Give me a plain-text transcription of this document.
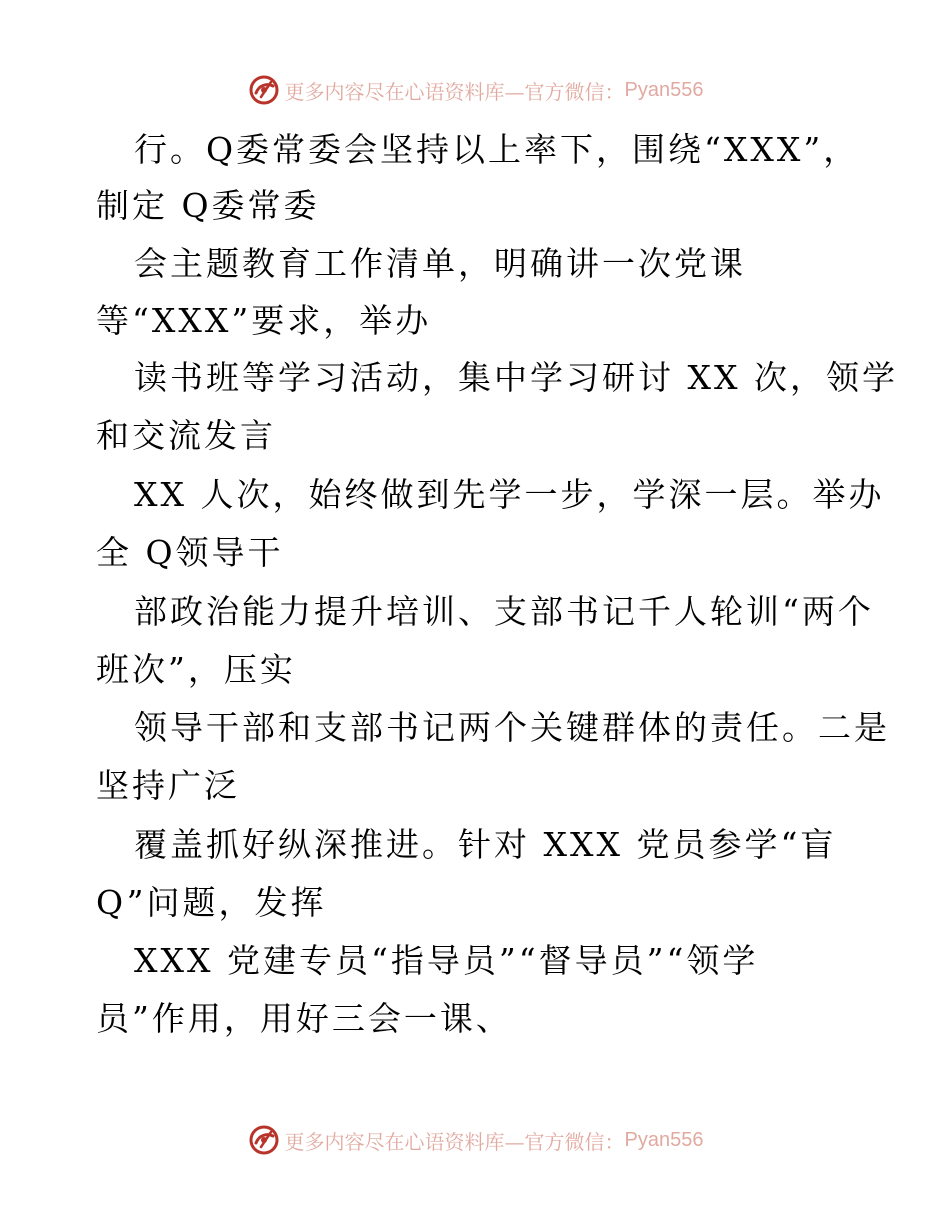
更多内容尽在心语资料库—官方微信： Pyan556
行。Q委常委会坚持以上率下，围绕“XXX”，
制定 Q委常委
会主题教育工作清单，明确讲一次党课
等“XXX”要求，举办
读书班等学习活动，集中学习研讨 XX 次，领学
和交流发言
XX 人次，始终做到先学一步，学深一层。举办
全 Q领导干
部政治能力提升培训、支部书记千人轮训“两个
班次”，压实
领导干部和支部书记两个关键群体的责任。二是
坚持广泛
覆盖抓好纵深推进。针对 XXX 党员参学“盲
Q”问题，发挥
XXX 党建专员“指导员”“督导员”“领学
员”作用，用好三会一课、
更多内容尽在心语资料库—官方微信： Pyan556
